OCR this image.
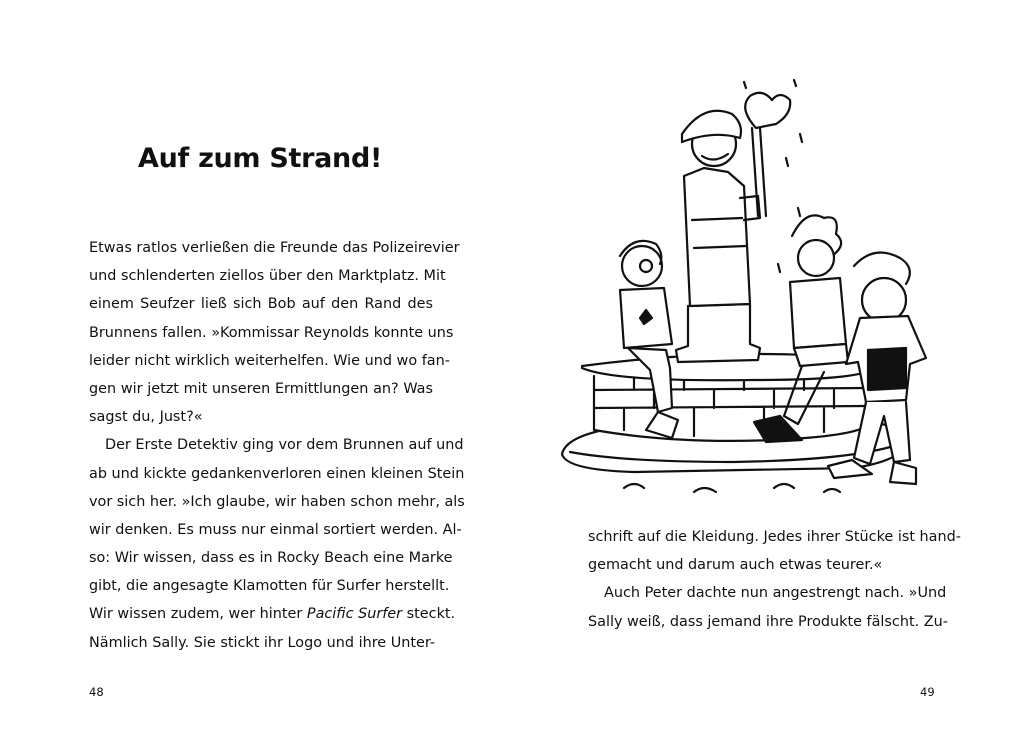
Auf zum Strand!
Etwas ratlos verließen die Freunde das Polizeirevier
und schlenderten ziellos über den Marktplatz. Mit
einem Seufzer ließ sich Bob auf den Rand des
Brunnens fallen. »Kommissar Reynolds konnte uns
leider nicht wirklich weiterhelfen. Wie und wo fan-
gen wir jetzt mit unseren Ermittlungen an? Was
sagst du, Just?«
Der Erste Detektiv ging vor dem Brunnen auf und
ab und kickte gedankenverloren einen kleinen Stein
vor sich her. »Ich glaube, wir haben schon mehr, als
wir denken. Es muss nur einmal sortiert werden. Al-
so: Wir wissen, dass es in Rocky Beach eine Marke
gibt, die angesagte Klamotten für Surfer herstellt.
Wir wissen zudem, wer hinter Pacific Surfer steckt.
Nämlich Sally. Sie stickt ihr Logo und ihre Unter-
48
schrift auf die Kleidung. Jedes ihrer Stücke ist hand-
gemacht und darum auch etwas teurer.«
Auch Peter dachte nun angestrengt nach. »Und
Sally weiß, dass jemand ihre Produkte fälscht. Zu-
49
